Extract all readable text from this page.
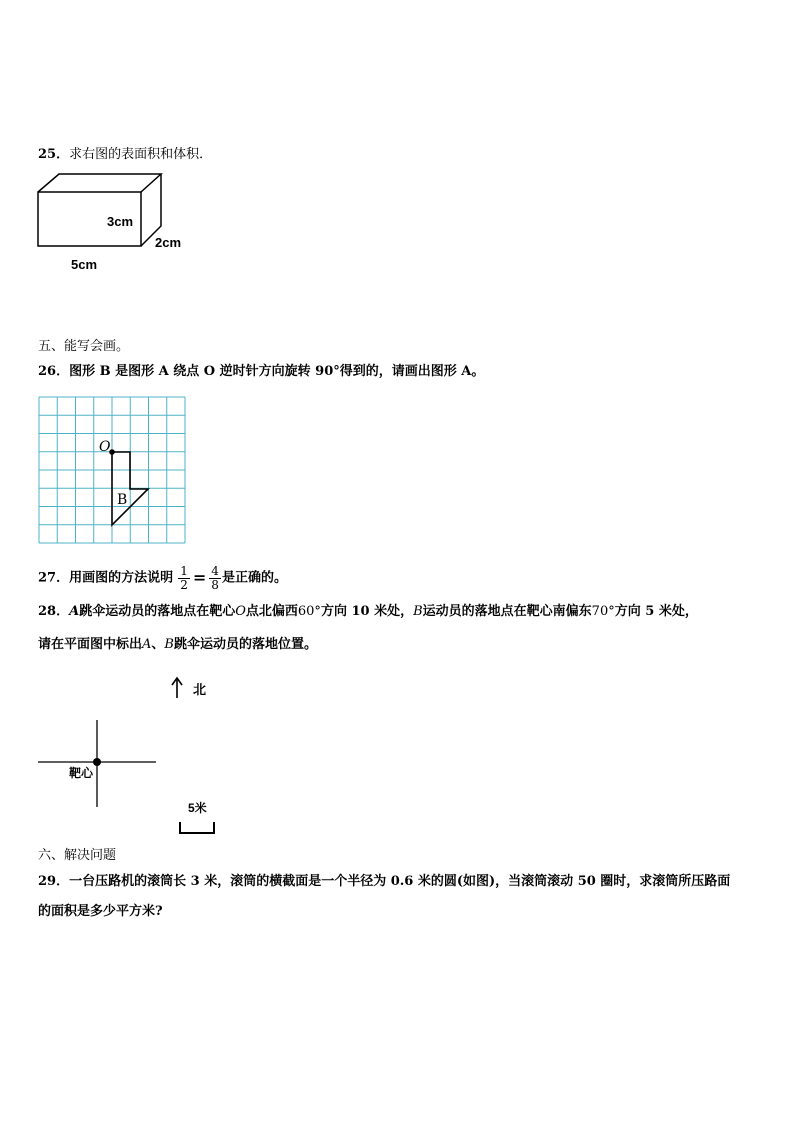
25．求右图的表面积和体积．
3cm
2cm
5cm
五、能写会画。
26．图形 B 是图形 A 绕点 O 逆时针方向旋转 90°得到的，请画出图形 A。
O
B
27．用画图的方法说明 $\frac{1}{2} = \frac{4}{8}$ 是正确的。
28．A跳伞运动员的落地点在靶心O点北偏西60°方向 10 米处，B运动员的落地点在靶心南偏东70°方向 5 米处，
请在平面图中标出A、B跳伞运动员的落地位置。
北
靶心
5米
六、解决问题
29．一台压路机的滚筒长 3 米，滚筒的横截面是一个半径为 0.6 米的圆(如图)，当滚筒滚动 50 圈时，求滚筒所压路面
的面积是多少平方米?
